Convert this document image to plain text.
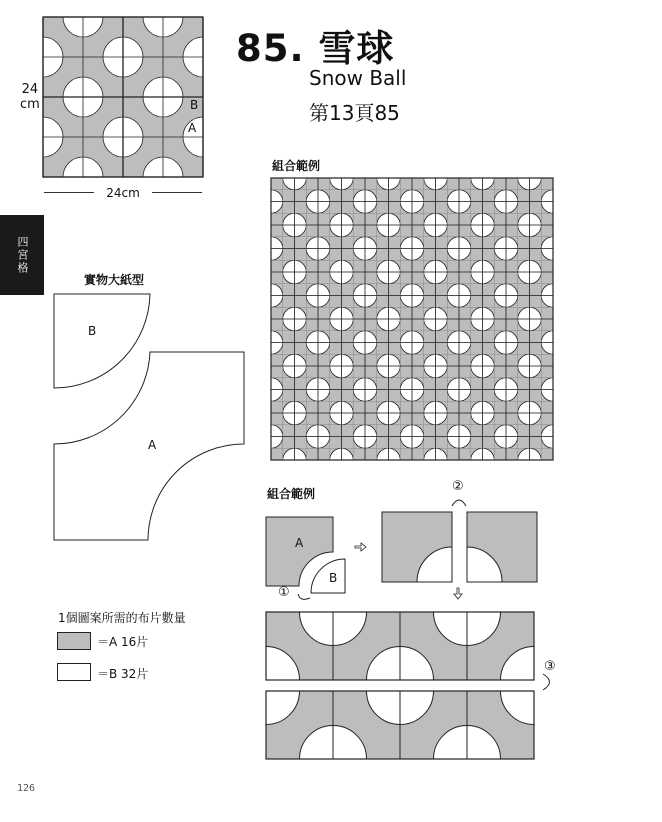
85. 雪球
Snow Ball
第13頁85
四宮格
24
cm
24cm
B
A
實物大紙型
B
A
組合範例
組合範例
A
B
①
②
③
1個圖案所需的布片數量
＝A 16片
＝B 32片
126
